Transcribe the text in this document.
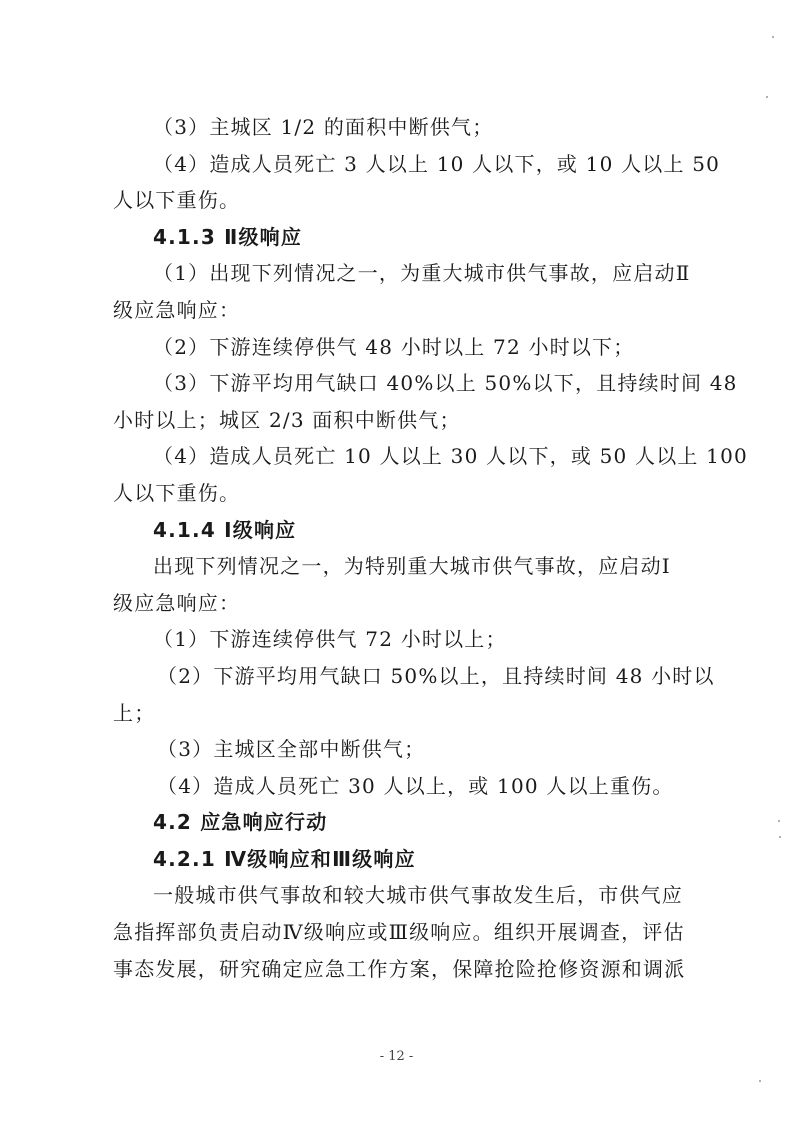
（3）主城区 1/2 的面积中断供气；
（4）造成人员死亡 3 人以上 10 人以下，或 10 人以上 50
人以下重伤。
4.1.3 Ⅱ级响应
（1）出现下列情况之一，为重大城市供气事故，应启动Ⅱ
级应急响应：
（2）下游连续停供气 48 小时以上 72 小时以下；
（3）下游平均用气缺口 40%以上 50%以下，且持续时间 48
小时以上；城区 2/3 面积中断供气；
（4）造成人员死亡 10 人以上 30 人以下，或 50 人以上 100
人以下重伤。
4.1.4 Ⅰ级响应
出现下列情况之一，为特别重大城市供气事故，应启动Ⅰ
级应急响应：
（1）下游连续停供气 72 小时以上；
（2）下游平均用气缺口 50%以上，且持续时间 48 小时以
上；
（3）主城区全部中断供气；
（4）造成人员死亡 30 人以上，或 100 人以上重伤。
4.2 应急响应行动
4.2.1 Ⅳ级响应和Ⅲ级响应
一般城市供气事故和较大城市供气事故发生后，市供气应
急指挥部负责启动Ⅳ级响应或Ⅲ级响应。组织开展调查，评估
事态发展，研究确定应急工作方案，保障抢险抢修资源和调派
- 12 -
